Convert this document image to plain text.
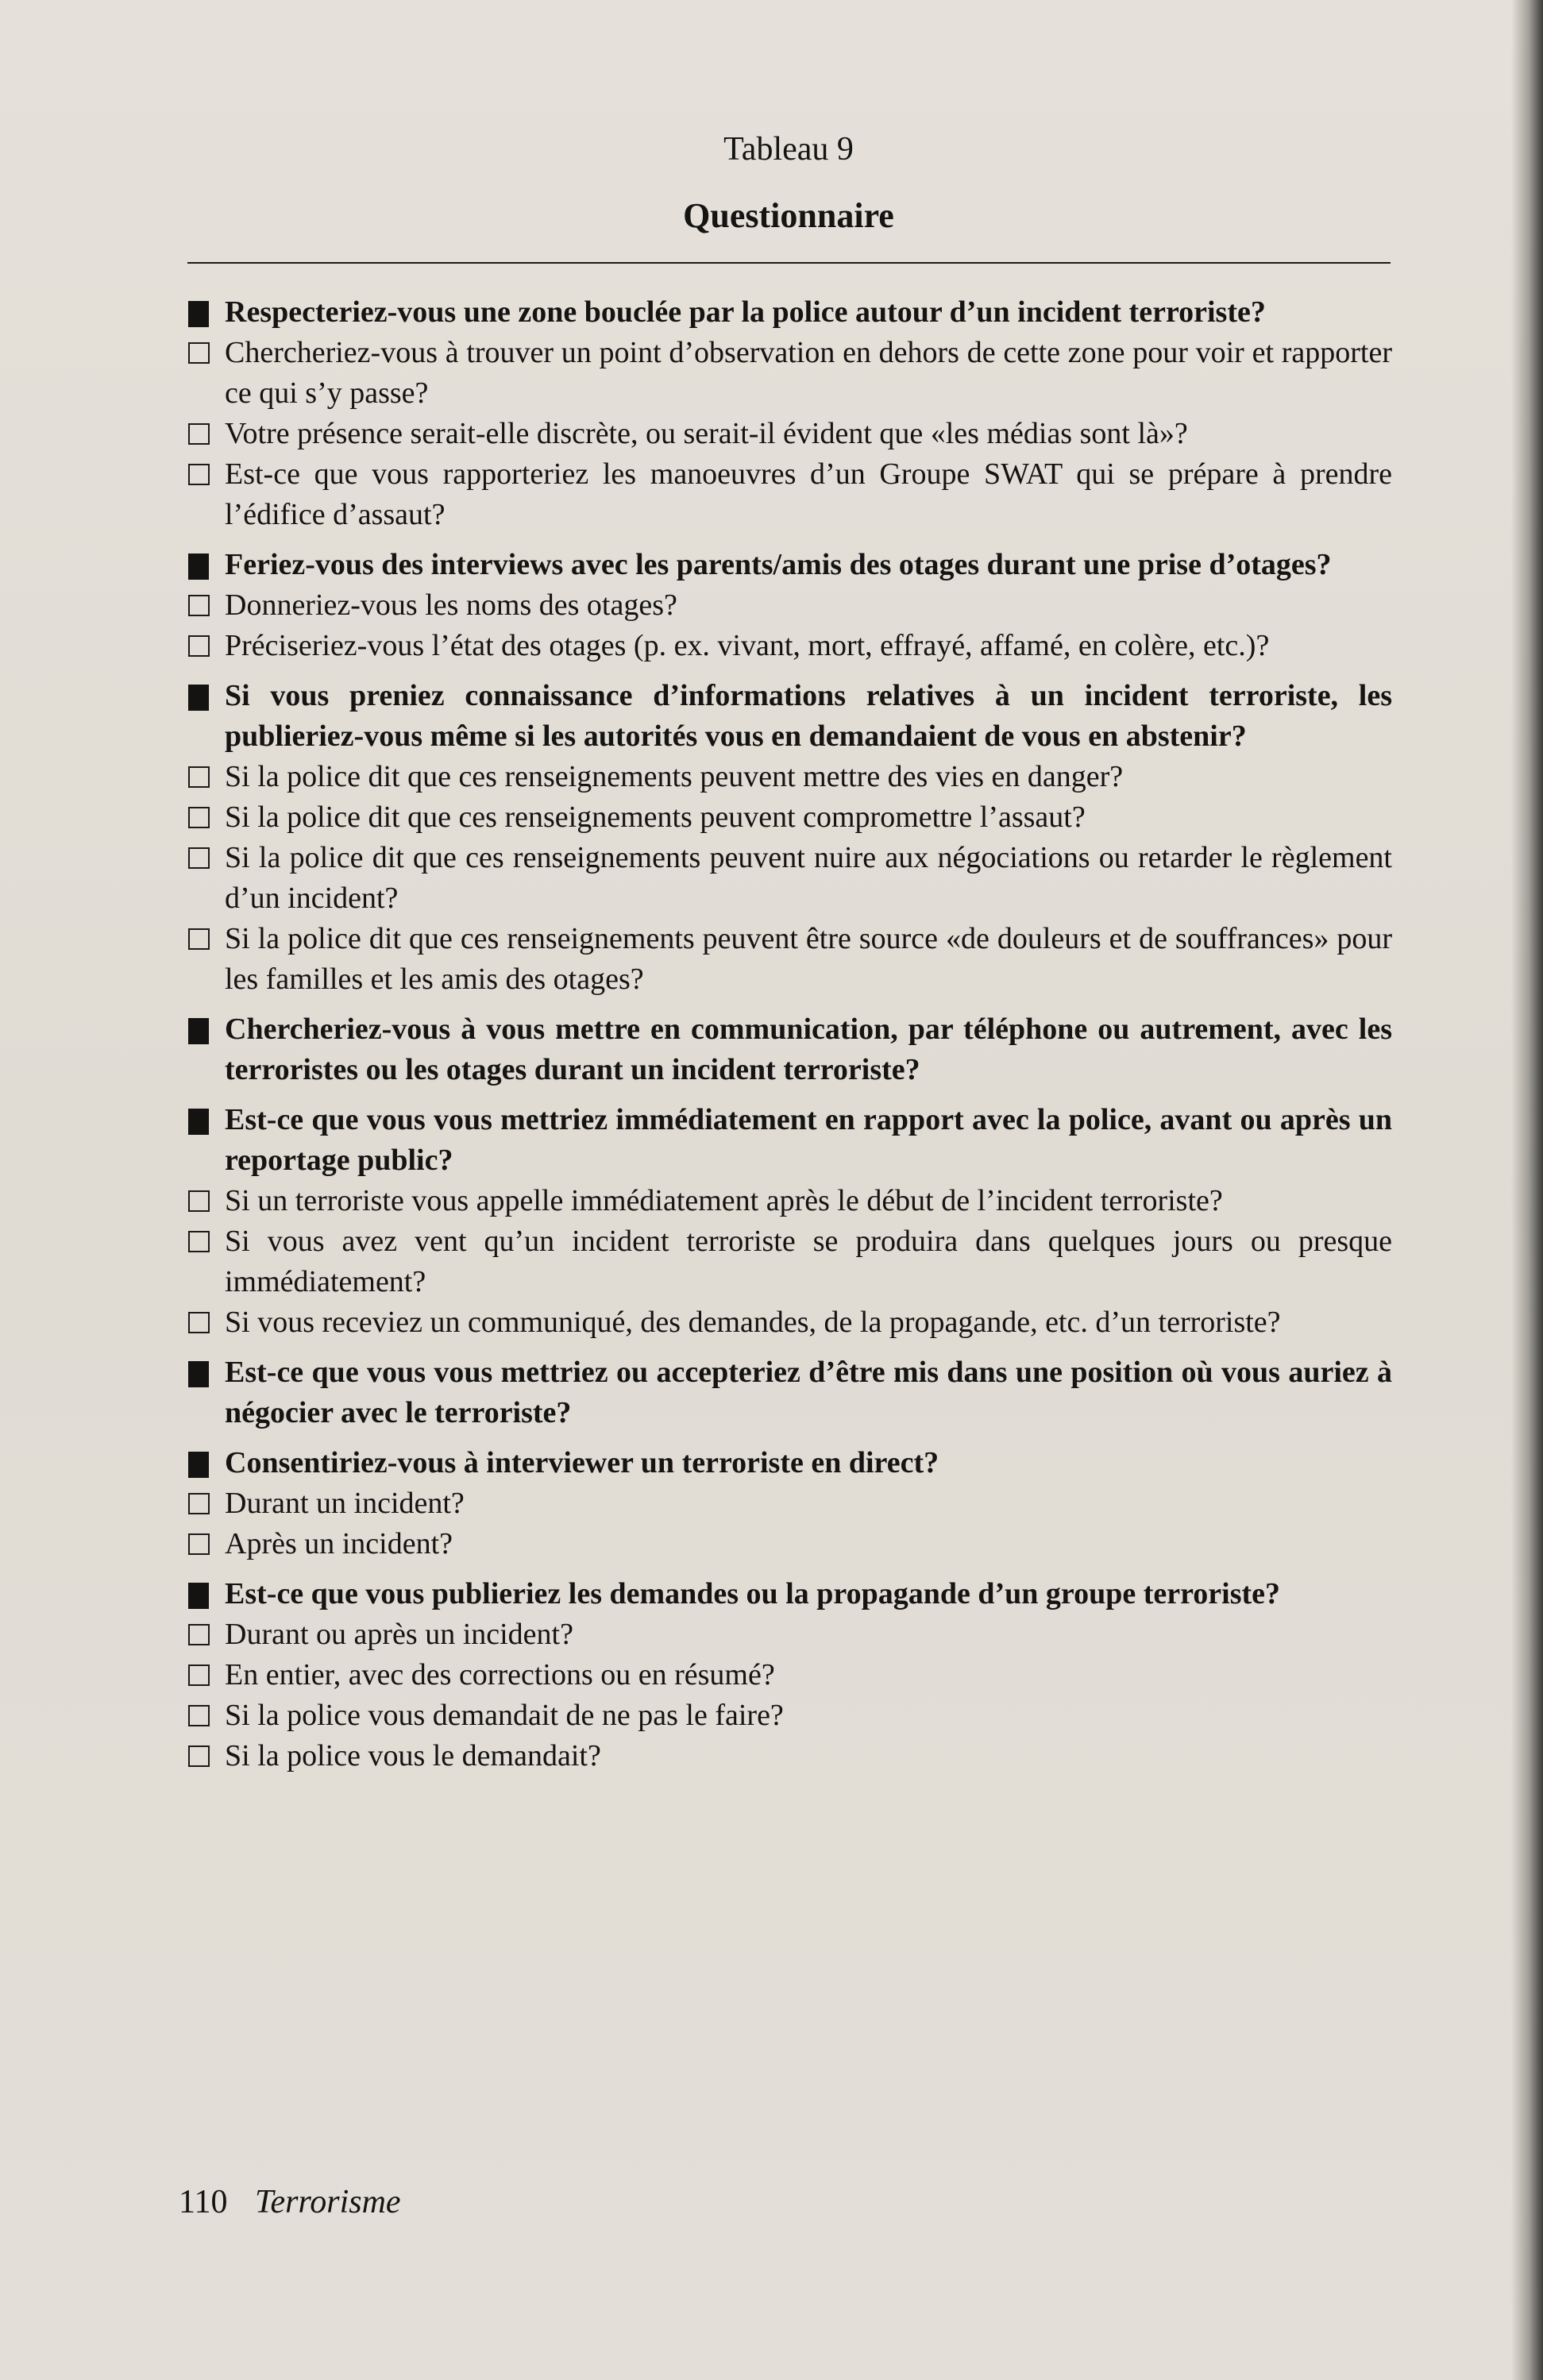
Tableau 9

Questionnaire

Respecteriez-vous une zone bouclée par la police autour d’un incident terroriste?
Chercheriez-vous à trouver un point d’observation en dehors de cette zone pour voir et rapporter ce qui s’y passe?
Votre présence serait-elle discrète, ou serait-il évident que «les médias sont là»?
Est-ce que vous rapporteriez les manoeuvres d’un Groupe SWAT qui se prépare à prendre l’édifice d’assaut?
Feriez-vous des interviews avec les parents/amis des otages durant une prise d’otages?
Donneriez-vous les noms des otages?
Préciseriez-vous l’état des otages (p. ex. vivant, mort, effrayé, affamé, en colère, etc.)?
Si vous preniez connaissance d’informations relatives à un incident terroriste, les publieriez-vous même si les autorités vous en demandaient de vous en abstenir?
Si la police dit que ces renseignements peuvent mettre des vies en danger?
Si la police dit que ces renseignements peuvent compromettre l’assaut?
Si la police dit que ces renseignements peuvent nuire aux négociations ou retarder le règlement d’un incident?
Si la police dit que ces renseignements peuvent être source «de douleurs et de souffrances» pour les familles et les amis des otages?
Chercheriez-vous à vous mettre en communication, par téléphone ou autrement, avec les terroristes ou les otages durant un incident terroriste?
Est-ce que vous vous mettriez immédiatement en rapport avec la police, avant ou après un reportage public?
Si un terroriste vous appelle immédiatement après le début de l’incident terroriste?
Si vous avez vent qu’un incident terroriste se produira dans quelques jours ou presque immédiatement?
Si vous receviez un communiqué, des demandes, de la propagande, etc. d’un terroriste?
Est-ce que vous vous mettriez ou accepteriez d’être mis dans une position où vous auriez à négocier avec le terroriste?
Consentiriez-vous à interviewer un terroriste en direct?
Durant un incident?
Après un incident?
Est-ce que vous publieriez les demandes ou la propagande d’un groupe terroriste?
Durant ou après un incident?
En entier, avec des corrections ou en résumé?
Si la police vous demandait de ne pas le faire?
Si la police vous le demandait?
110 Terrorisme
